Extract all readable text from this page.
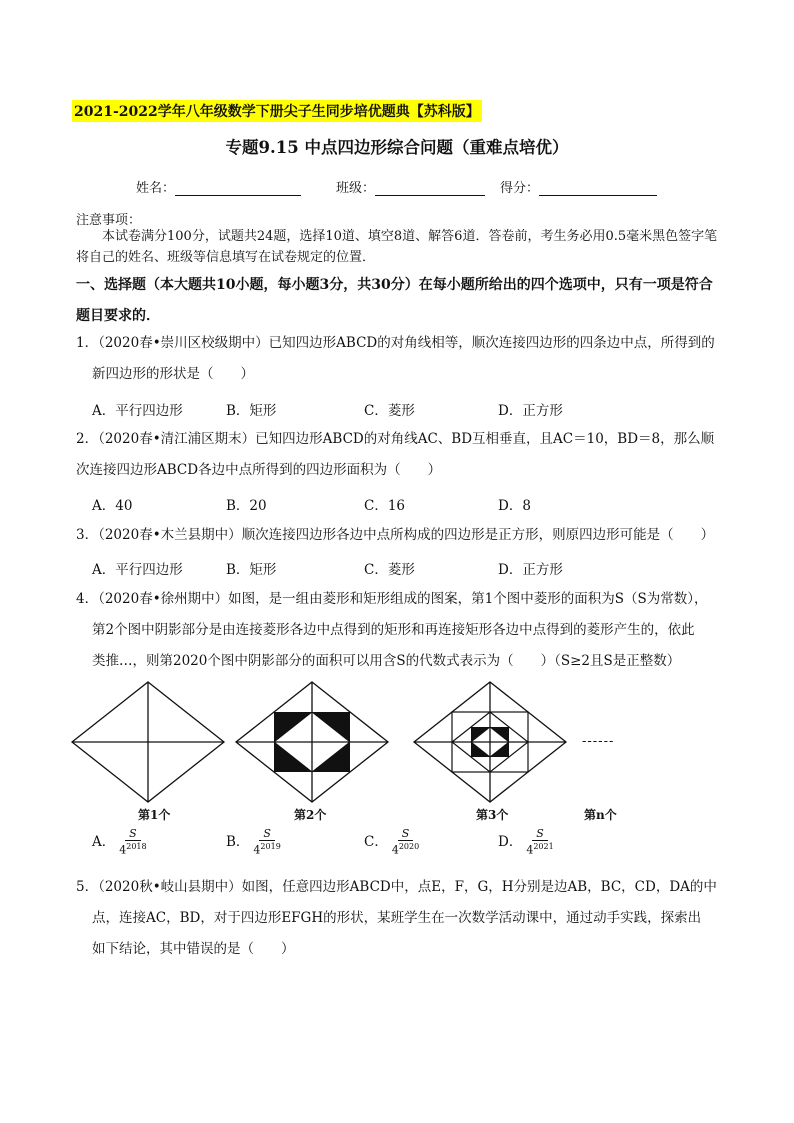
2021-2022学年八年级数学下册尖子生同步培优题典【苏科版】
专题9.15 中点四边形综合问题（重难点培优）
姓名：	班级：	得分：
注意事项：
本试卷满分100分，试题共24题，选择10道、填空8道、解答6道．答卷前，考生务必用0.5毫米黑色签字笔将自己的姓名、班级等信息填写在试卷规定的位置．
一、选择题（本大题共10小题，每小题3分，共30分）在每小题所给出的四个选项中，只有一项是符合题目要求的．
1．（2020春•崇川区校级期中）已知四边形ABCD的对角线相等，顺次连接四边形的四条边中点，所得到的
新四边形的形状是（　　）
A．平行四边形	B．矩形	C．菱形	D．正方形
2．（2020春•清江浦区期末）已知四边形ABCD的对角线AC、BD互相垂直，且AC＝10，BD＝8，那么顺
次连接四边形ABCD各边中点所得到的四边形面积为（　　）
A．40	B．20	C．16	D．8
3．（2020春•木兰县期中）顺次连接四边形各边中点所构成的四边形是正方形，则原四边形可能是（　　）
A．平行四边形	B．矩形	C．菱形	D．正方形
4．（2020春•徐州期中）如图，是一组由菱形和矩形组成的图案，第1个图中菱形的面积为S（S为常数），
第2个图中阴影部分是由连接菱形各边中点得到的矩形和再连接矩形各边中点得到的菱形产生的，依此
类推…，则第2020个图中阴影部分的面积可以用含S的代数式表示为（　　）（S≥2且S是正整数）
------
第1个	第2个	第3个	第n个
A． $\frac{S}{4^{2018}}$	B． $\frac{S}{4^{2019}}$	C． $\frac{S}{4^{2020}}$	D． $\frac{S}{4^{2021}}$
5．（2020秋•岐山县期中）如图，任意四边形ABCD中，点E，F，G，H分别是边AB，BC，CD，DA的中
点，连接AC，BD，对于四边形EFGH的形状，某班学生在一次数学活动课中，通过动手实践，探索出
如下结论，其中错误的是（　　）
